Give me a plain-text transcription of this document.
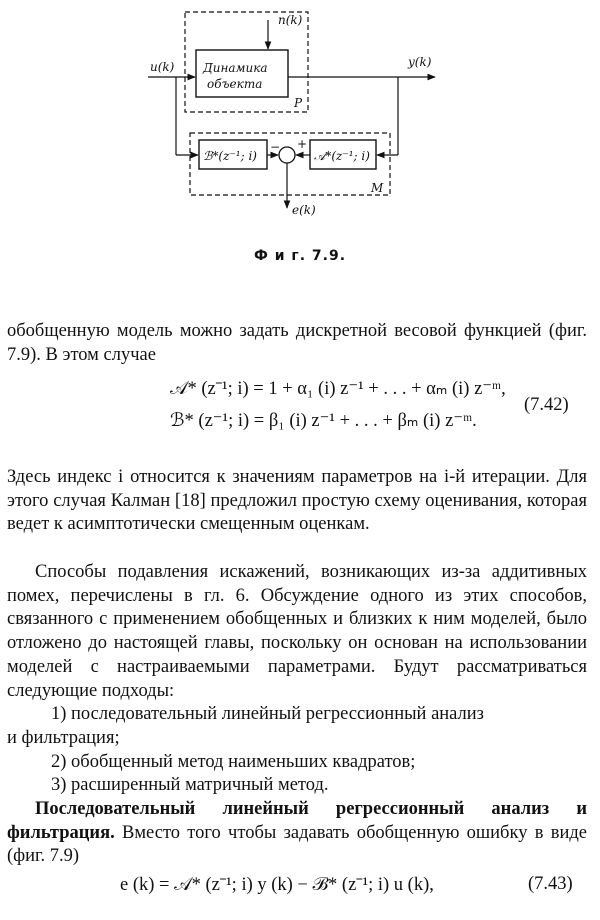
Динамика
объекта
P
n(k)
u(k)	y(k)
M
ℬ*(z⁻¹; i)	𝒜*(z⁻¹; i)
− +
e(k)
Ф и г. 7.9.

обобщенную модель можно задать дискретной весовой функцией (фиг. 7.9). В этом случае

𝒜* (z⁻¹; i) = 1 + α₁ (i) z⁻¹ + . . . + αₘ (i) z⁻ᵐ,
ℬ* (z⁻¹; i) = β₁ (i) z⁻¹ + . . . + βₘ (i) z⁻ᵐ.
(7.42)

Здесь индекс i относится к значениям параметров на i-й итерации. Для этого случая Калман [18] предложил простую схему оценивания, которая ведет к асимптотически смещенным оценкам.

Способы подавления искажений, возникающих из-за аддитивных помех, перечислены в гл. 6. Обсуждение одного из этих способов, связанного с применением обобщенных и близких к ним моделей, было отложено до настоящей главы, поскольку он основан на использовании моделей с настраиваемыми параметрами. Будут рассматриваться следующие подходы:
1) последовательный линейный регрессионный анализ
и фильтрация;
2) обобщенный метод наименьших квадратов;
3) расширенный матричный метод.
Последовательный линейный регрессионный анализ и фильтрация. Вместо того чтобы задавать обобщенную ошибку в виде (фиг. 7.9)
e (k) = 𝒜* (z⁻¹; i) y (k) − ℬ* (z⁻¹; i) u (k),	(7.43)
